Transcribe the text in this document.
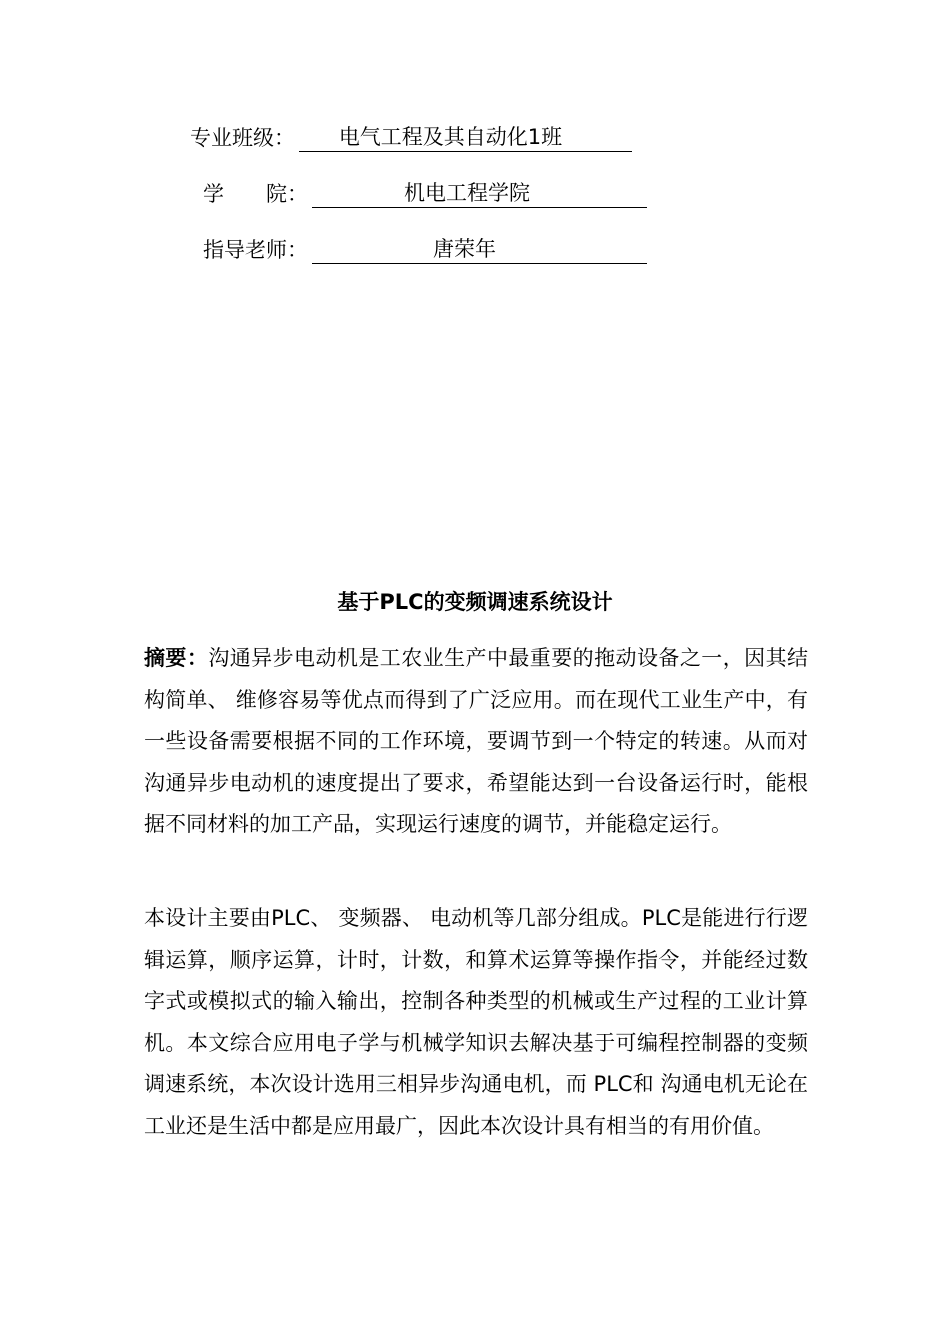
专业班级：	电气工程及其自动化1班
学　　院：	机电工程学院
指导老师：	唐荣年
基于PLC的变频调速系统设计

摘要：沟通异步电动机是工农业生产中最重要的拖动设备之一，因其结构简单、 维修容易等优点而得到了广泛应用。而在现代工业生产中，有一些设备需要根据不同的工作环境，要调节到一个特定的转速。从而对沟通异步电动机的速度提出了要求，希望能达到一台设备运行时，能根据不同材料的加工产品，实现运行速度的调节，并能稳定运行。

本设计主要由PLC、 变频器、 电动机等几部分组成。PLC是能进行行逻辑运算，顺序运算，计时，计数，和算术运算等操作指令，并能经过数字式或模拟式的输入输出，控制各种类型的机械或生产过程的工业计算机。本文综合应用电子学与机械学知识去解决基于可编程控制器的变频调速系统，本次设计选用三相异步沟通电机，而 PLC和 沟通电机无论在工业还是生活中都是应用最广，因此本次设计具有相当的有用价值。
